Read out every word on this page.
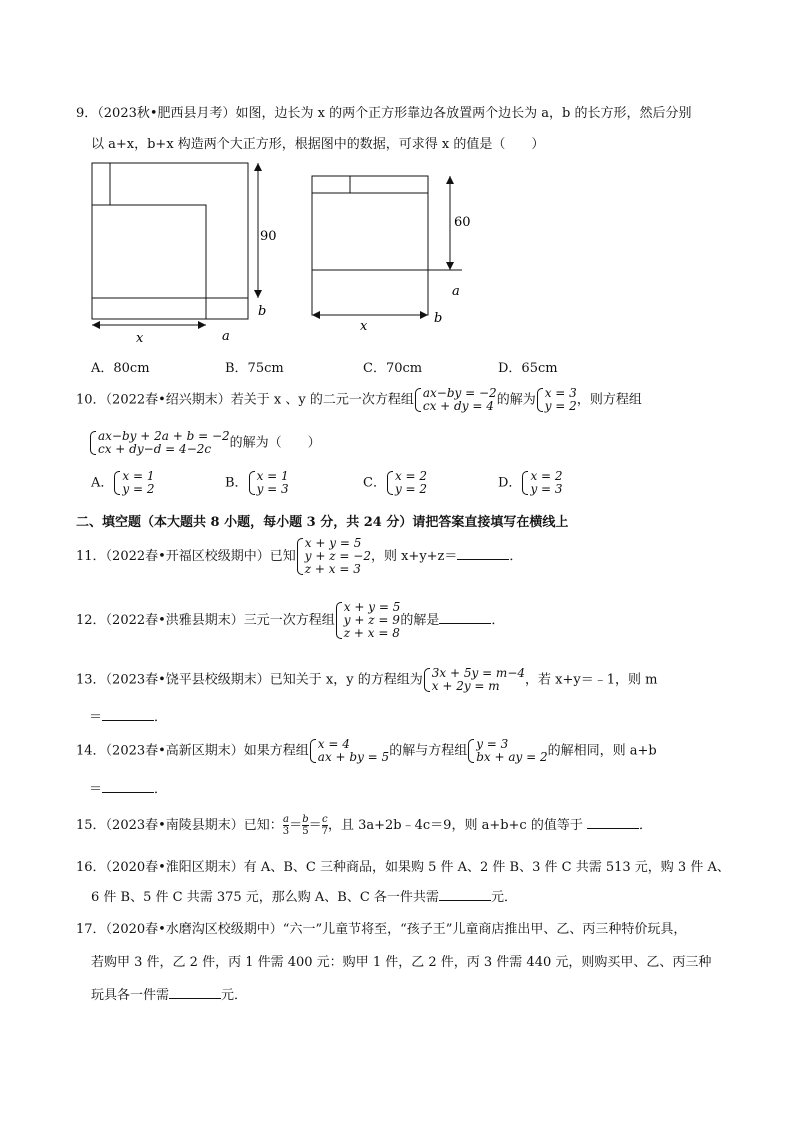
9．（2023秋•肥西县月考）如图，边长为 x 的两个正方形靠边各放置两个边长为 a，b 的长方形，然后分别
以 a+x，b+x 构造两个大正方形，根据图中的数据，可求得 x 的值是（　　）
90
b
x	a
60
a
x
b
A．80cm	B．75cm	C．70cm	D．65cm
10．（2022春•绍兴期末）若关于 x 、y 的二元一次方程组 ax−by = −2
cx + dy = 4 的解为 x = 3
y = 2 ，则方程组
ax−by + 2a + b = −2
cx + dy−d = 4−2c	的解为（　　）
A． x = 1
y = 2	B． x = 1
y = 3	C． x = 2
y = 2	D． x = 2
y = 3
二、填空题（本大题共 8 小题，每小题 3 分，共 24 分）请把答案直接填写在横线上
11．（2022春•开福区校级期中）已知
x + y = 5
y + z = −2
z + x = 3
，则 x+y+z＝	．
12．（2022春•洪雅县期末）三元一次方程组
x + y = 5
y + z = 9
z + x = 8
的解是	．
13．（2023春•饶平县校级期末）已知关于 x，y 的方程组为 3x + 5y = m−4
x + 2y = m	，若 x+y＝﹣1，则 m
＝	．
14．（2023春•高新区期末）如果方程组 x = 4
ax + by = 5 的解与方程组 y = 3
bx + ay = 2 的解相同，则 a+b
＝	．
15．（2023春•南陵县期末）已知： $\frac{a}{3} = \frac{b}{5} = \frac{c}{7}$ ，且 3a+2b﹣4c＝9，则 a+b+c 的值等于	．
16．（2020春•淮阳区期末）有 A、B、C 三种商品，如果购 5 件 A、2 件 B、3 件 C 共需 513 元，购 3 件 A、
6 件 B、5 件 C 共需 375 元，那么购 A、B、C 各一件共需	元．
17．（2020春•水磨沟区校级期中）“六一”儿童节将至，“孩子王”儿童商店推出甲、乙、丙三种特价玩具，
若购甲 3 件，乙 2 件，丙 1 件需 400 元：购甲 1 件，乙 2 件，丙 3 件需 440 元，则购买甲、乙、丙三种
玩具各一件需	元．
